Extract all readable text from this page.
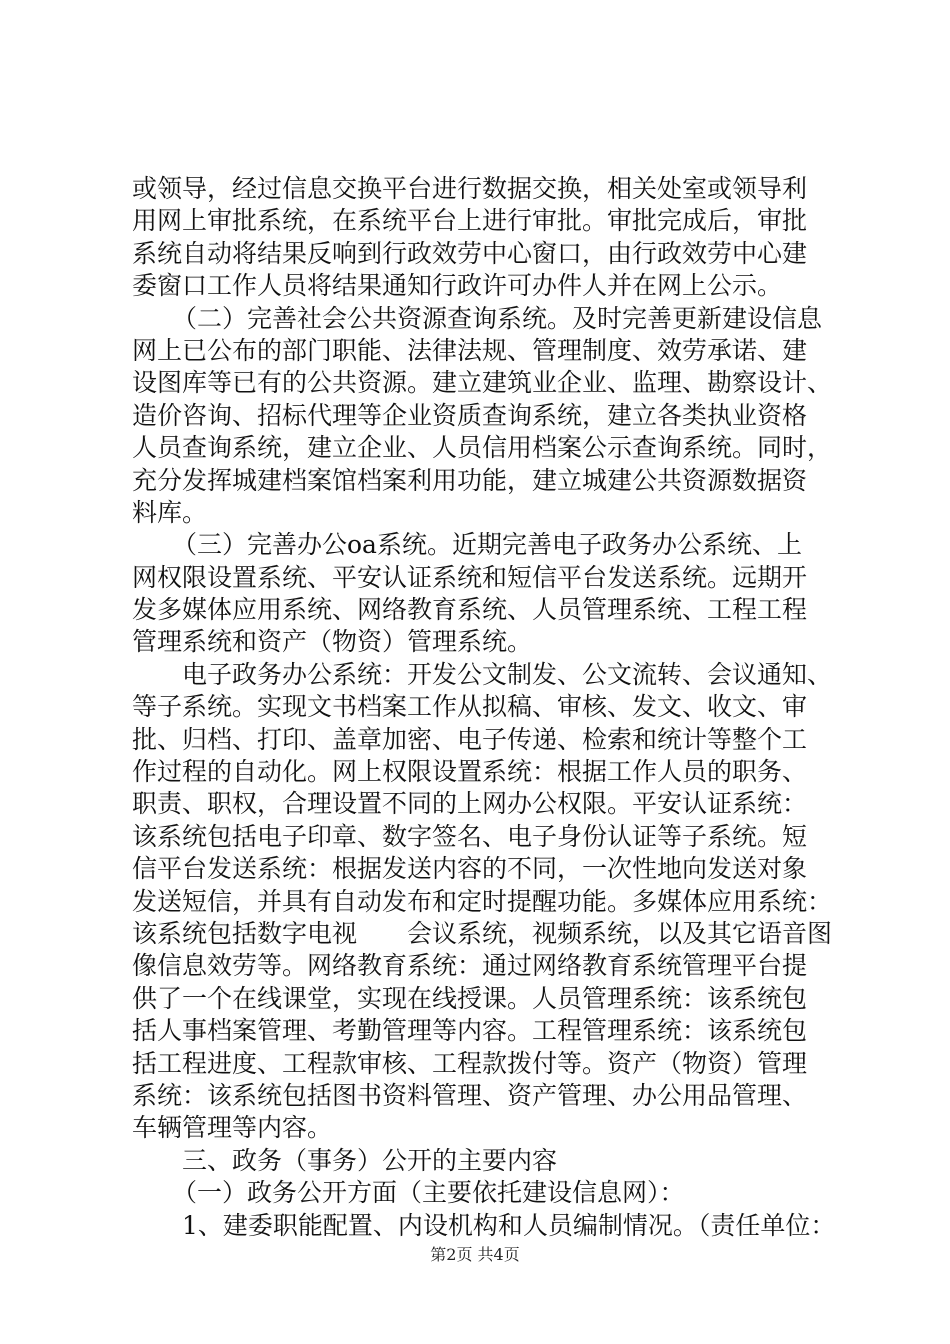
或领导，经过信息交换平台进行数据交换，相关处室或领导利
用网上审批系统，在系统平台上进行审批。审批完成后，审批
系统自动将结果反响到行政效劳中心窗口，由行政效劳中心建
委窗口工作人员将结果通知行政许可办件人并在网上公示。
（二）完善社会公共资源查询系统。及时完善更新建设信息
网上已公布的部门职能、法律法规、管理制度、效劳承诺、建
设图库等已有的公共资源。建立建筑业企业、监理、勘察设计、
造价咨询、招标代理等企业资质查询系统，建立各类执业资格
人员查询系统，建立企业、人员信用档案公示查询系统。同时，
充分发挥城建档案馆档案利用功能，建立城建公共资源数据资
料库。
（三）完善办公oa系统。近期完善电子政务办公系统、上
网权限设置系统、平安认证系统和短信平台发送系统。远期开
发多媒体应用系统、网络教育系统、人员管理系统、工程工程
管理系统和资产（物资）管理系统。
电子政务办公系统：开发公文制发、公文流转、会议通知、
等子系统。实现文书档案工作从拟稿、审核、发文、收文、审
批、归档、打印、盖章加密、电子传递、检索和统计等整个工
作过程的自动化。网上权限设置系统：根据工作人员的职务、
职责、职权，合理设置不同的上网办公权限。平安认证系统：
该系统包括电子印章、数字签名、电子身份认证等子系统。短
信平台发送系统：根据发送内容的不同，一次性地向发送对象
发送短信，并具有自动发布和定时提醒功能。多媒体应用系统：
该系统包括数字电视　　会议系统，视频系统，以及其它语音图
像信息效劳等。网络教育系统：通过网络教育系统管理平台提
供了一个在线课堂，实现在线授课。人员管理系统：该系统包
括人事档案管理、考勤管理等内容。工程管理系统：该系统包
括工程进度、工程款审核、工程款拨付等。资产（物资）管理
系统：该系统包括图书资料管理、资产管理、办公用品管理、
车辆管理等内容。
三、政务（事务）公开的主要内容
（一）政务公开方面（主要依托建设信息网）：
1、建委职能配置、内设机构和人员编制情况。（责任单位：
第2页 共4页
